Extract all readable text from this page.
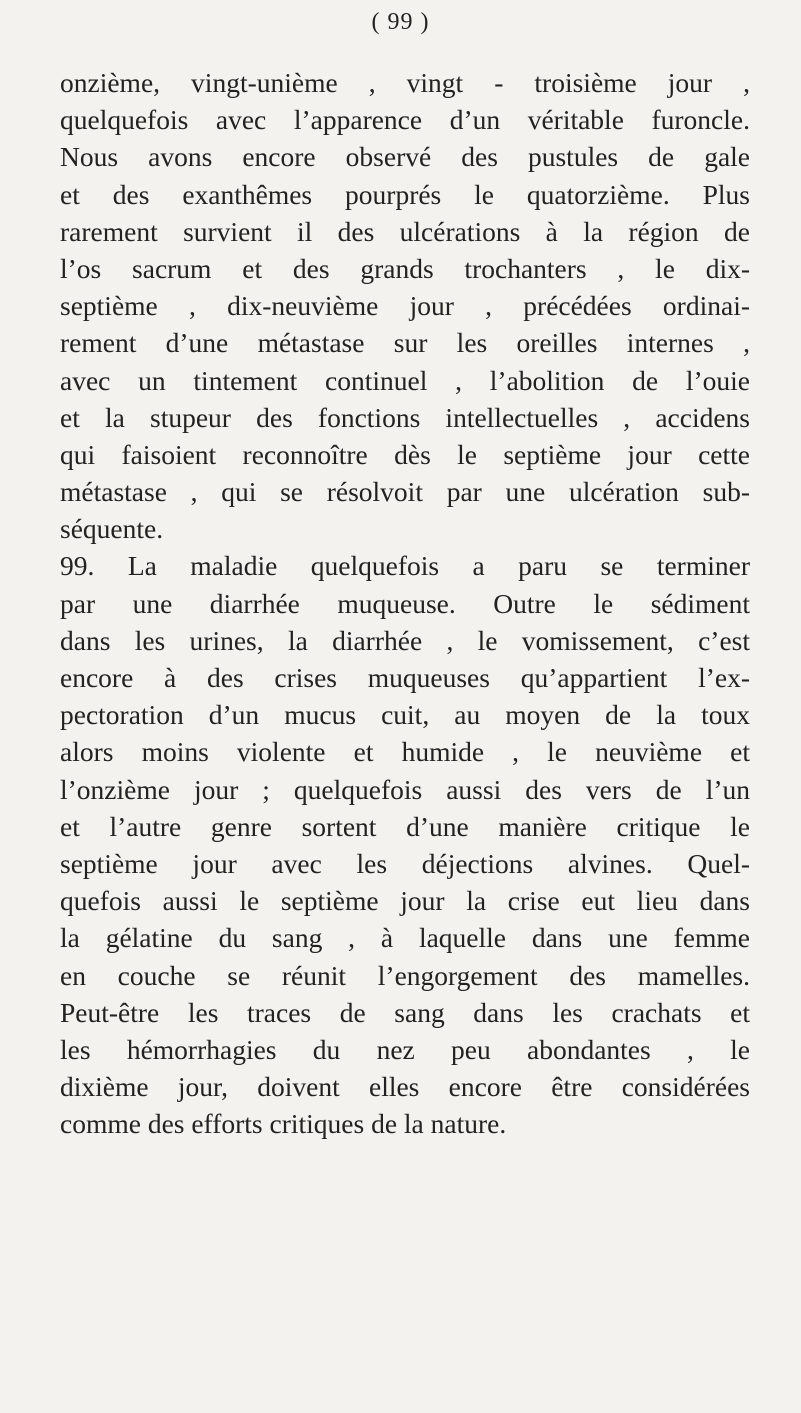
( 99 )
onzième, vingt-unième , vingt - troisième jour ,
quelquefois avec l’apparence d’un véritable furoncle.
Nous avons encore observé des pustules de gale
et des exanthêmes pourprés le quatorzième. Plus
rarement survient il des ulcérations à la région de
l’os sacrum et des grands trochanters , le dix-
septième , dix-neuvième jour , précédées ordinai-
rement d’une métastase sur les oreilles internes ,
avec un tintement continuel , l’abolition de l’ouie
et la stupeur des fonctions intellectuelles , accidens
qui faisoient reconnoître dès le septième jour cette
métastase , qui se résolvoit par une ulcération sub-
séquente.
99. La maladie quelquefois a paru se terminer
par une diarrhée muqueuse. Outre le sédiment
dans les urines, la diarrhée , le vomissement, c’est
encore à des crises muqueuses qu’appartient l’ex-
pectoration d’un mucus cuit, au moyen de la toux
alors moins violente et humide , le neuvième et
l’onzième jour ; quelquefois aussi des vers de l’un
et l’autre genre sortent d’une manière critique le
septième jour avec les déjections alvines. Quel-
quefois aussi le septième jour la crise eut lieu dans
la gélatine du sang , à laquelle dans une femme
en couche se réunit l’engorgement des mamelles.
Peut-être les traces de sang dans les crachats et
les hémorrhagies du nez peu abondantes , le
dixième jour, doivent elles encore être considérées
comme des efforts critiques de la nature.
